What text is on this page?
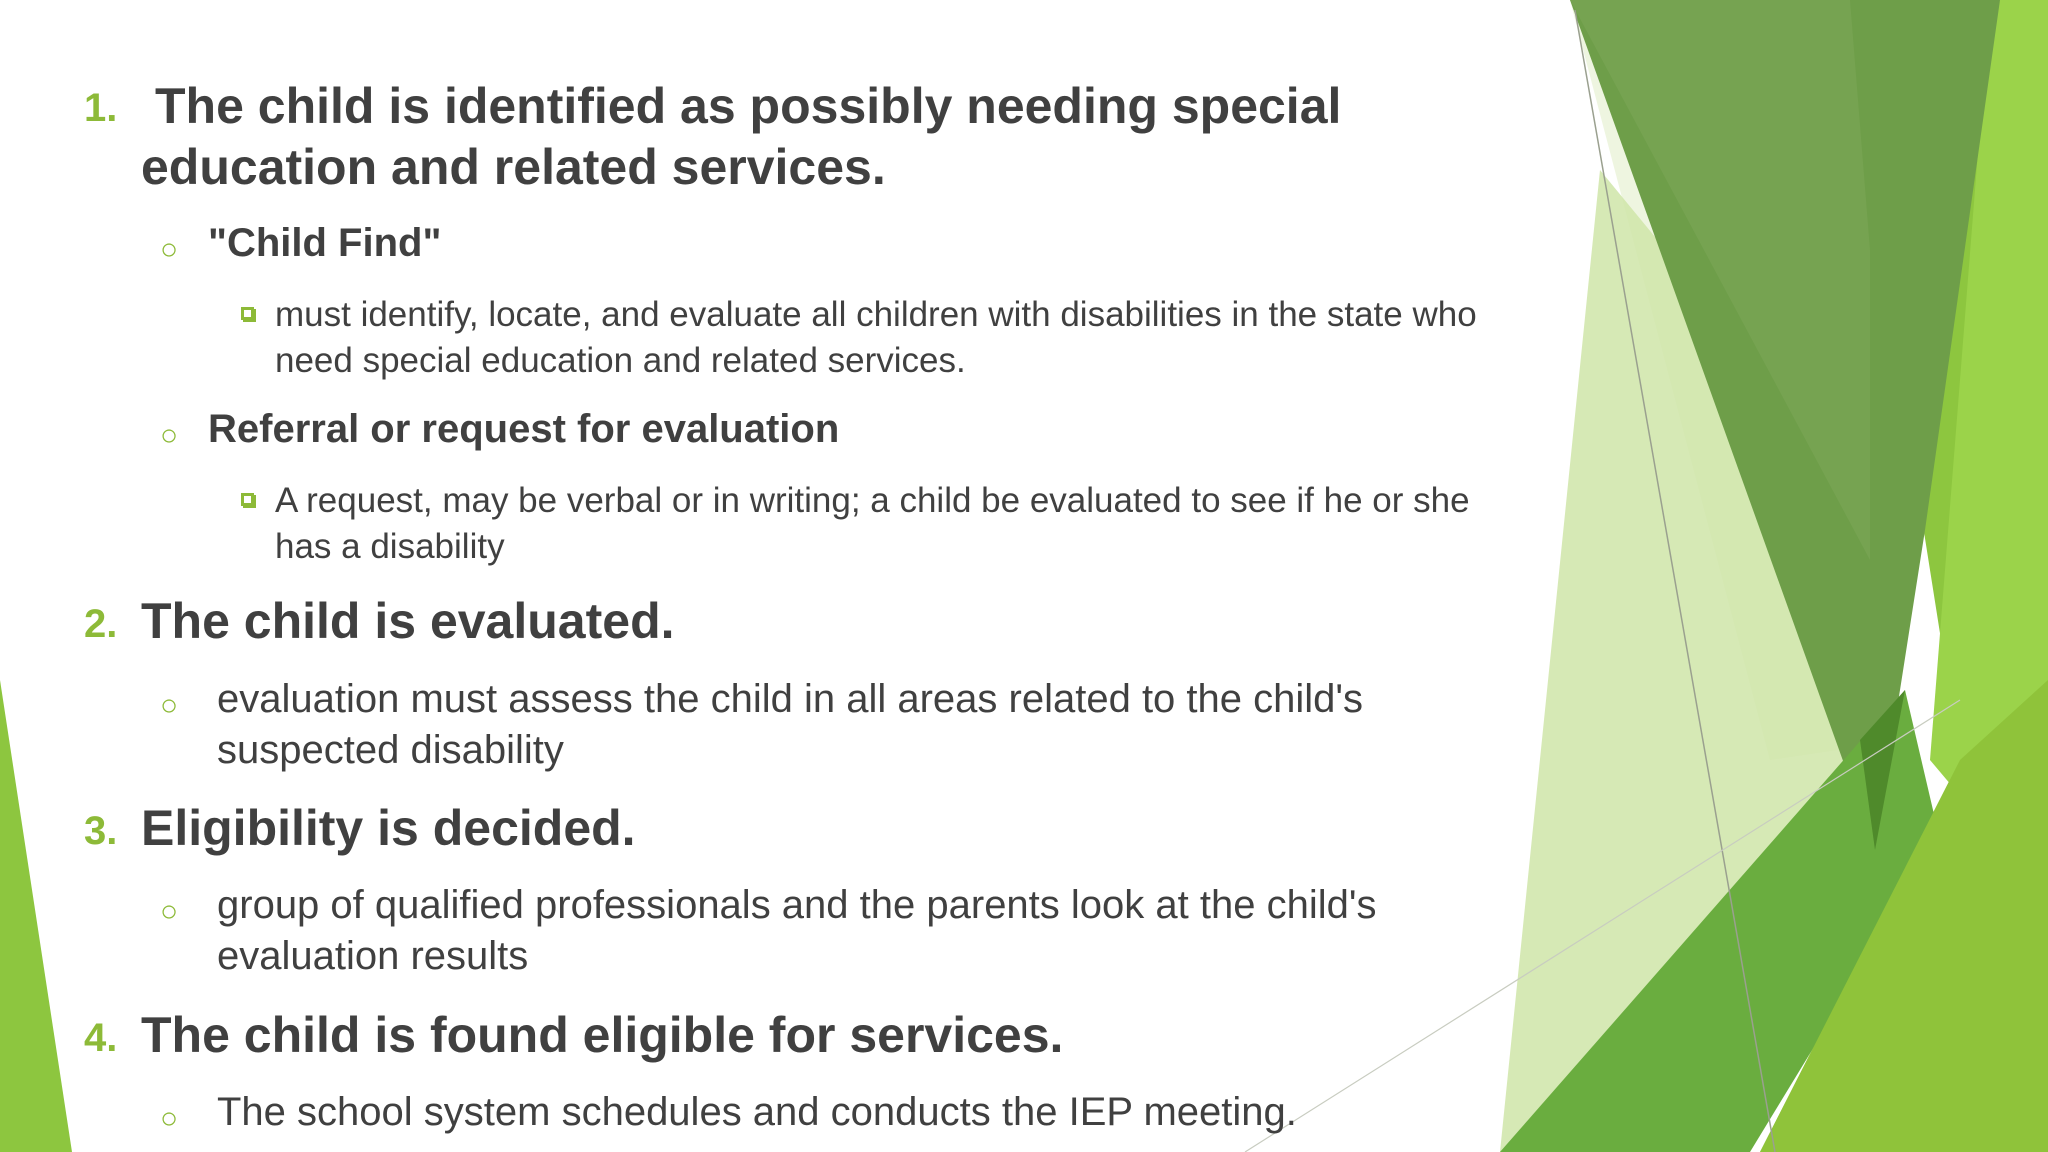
1. The child is identified as possibly needing special
education and related services.
○ "Child Find"
must identify, locate, and evaluate all children with disabilities in the state who
need special education and related services.
○ Referral or request for evaluation
A request, may be verbal or in writing; a child be evaluated to see if he or she
has a disability
2. The child is evaluated.
○ evaluation must assess the child in all areas related to the child's
suspected disability
3. Eligibility is decided.
○ group of qualified professionals and the parents look at the child's
evaluation results
4. The child is found eligible for services.
○ The school system schedules and conducts the IEP meeting.
